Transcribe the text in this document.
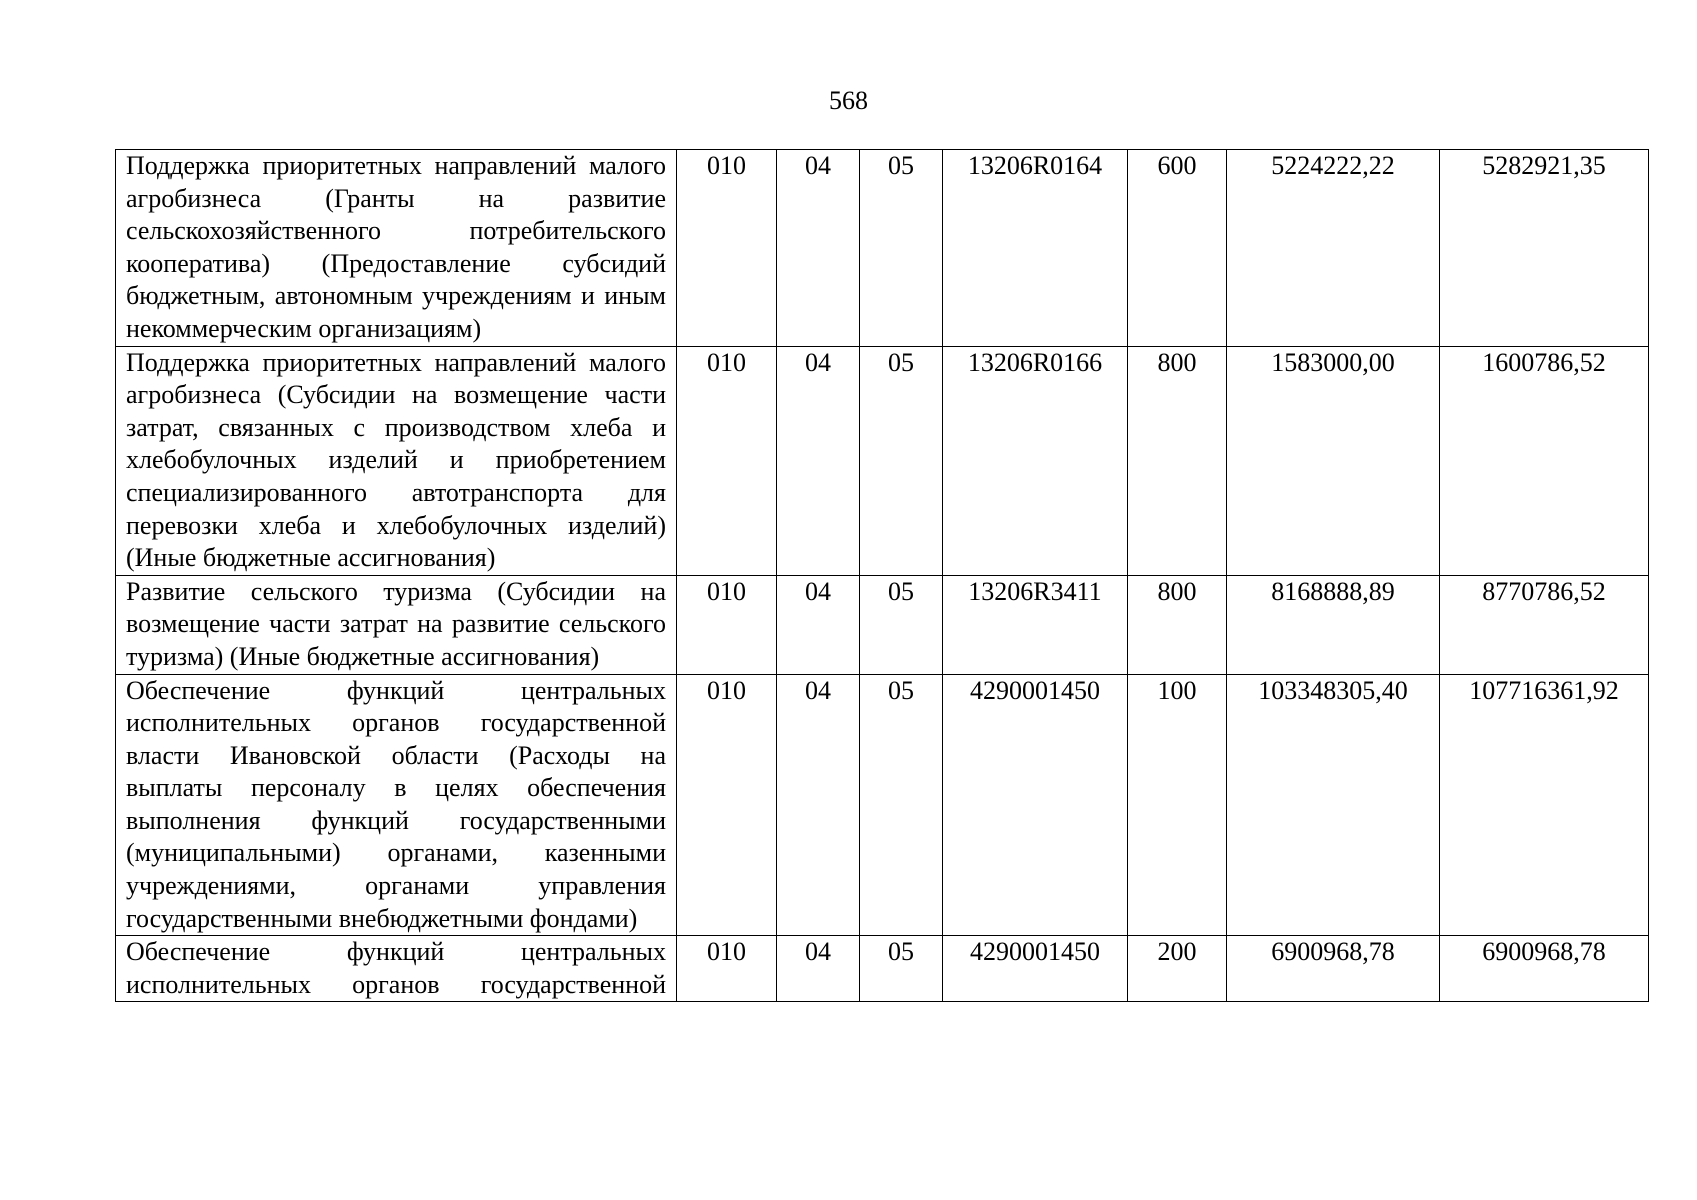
568
Поддержка приоритетных направлений малого агробизнеса (Гранты на развитие сельскохозяйственного потребительского кооператива) (Предоставление субсидий бюджетным, автономным учреждениям и иным некоммерческим организациям)	010	04	05	13206R0164	600	5224222,22	5282921,35
Поддержка приоритетных направлений малого агробизнеса (Субсидии на возмещение части затрат, связанных с производством хлеба и хлебобулочных изделий и приобретением специализированного автотранспорта для перевозки хлеба и хлебобулочных изделий) (Иные бюджетные ассигнования)	010	04	05	13206R0166	800	1583000,00	1600786,52
Развитие сельского туризма (Субсидии на возмещение части затрат на развитие сельского туризма) (Иные бюджетные ассигнования)	010	04	05	13206R3411	800	8168888,89	8770786,52
Обеспечение функций центральных исполнительных органов государственной власти Ивановской области (Расходы на выплаты персоналу в целях обеспечения выполнения функций государственными (муниципальными) органами, казенными учреждениями, органами управления государственными внебюджетными фондами)	010	04	05	4290001450	100	103348305,40	107716361,92

Обеспечение функций центральных исполнительных органов государственной	010	04	05	4290001450	200	6900968,78	6900968,78
